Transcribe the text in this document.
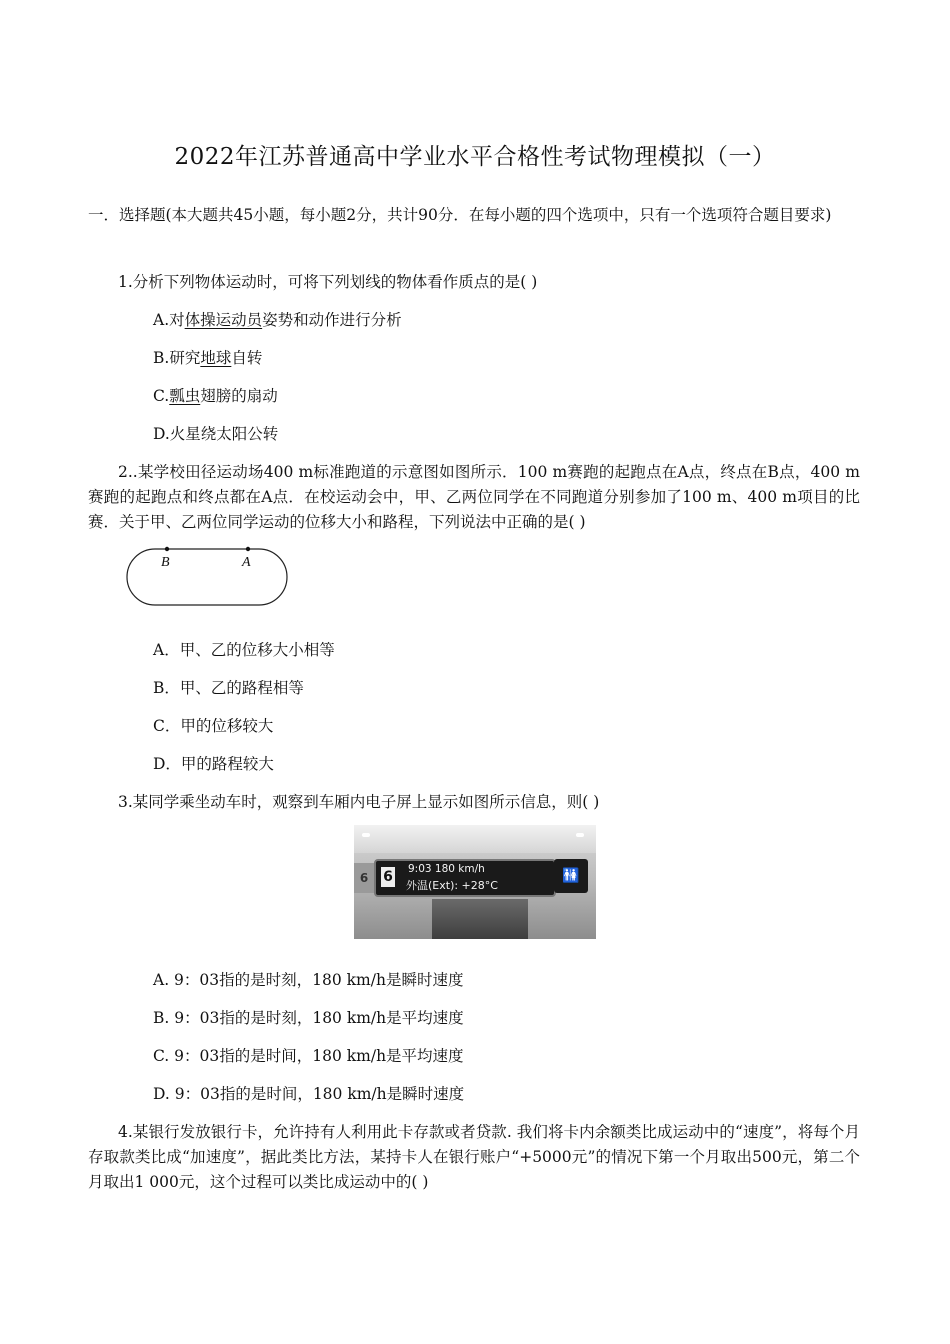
2022年江苏普通高中学业水平合格性考试物理模拟（一）
一．选择题(本大题共45小题，每小题2分，共计90分．在每小题的四个选项中，只有一个选项符合题目要求)
1.分析下列物体运动时，可将下列划线的物体看作质点的是( )
A.对体操运动员姿势和动作进行分析
B.研究地球自转
C.瓢虫翅膀的扇动
D.火星绕太阳公转
2..某学校田径运动场400 m标准跑道的示意图如图所示．100 m赛跑的起跑点在A点，终点在B点，400 m赛跑的起跑点和终点都在A点．在校运动会中，甲、乙两位同学在不同跑道分别参加了100 m、400 m项目的比赛．关于甲、乙两位同学运动的位移大小和路程，下列说法中正确的是( )
B	A
A．甲、乙的位移大小相等
B．甲、乙的路程相等
C．甲的位移较大
D．甲的路程较大
3.某同学乘坐动车时，观察到车厢内电子屏上显示如图所示信息，则( )
6	6 9:03 180 km/h
外温(Ext): +28°C
🚻
A. 9：03指的是时刻，180 km/h是瞬时速度
B. 9：03指的是时刻，180 km/h是平均速度
C. 9：03指的是时间，180 km/h是平均速度
D. 9：03指的是时间，180 km/h是瞬时速度
4.某银行发放银行卡，允许持有人利用此卡存款或者贷款. 我们将卡内余额类比成运动中的“速度”，将每个月存取款类比成“加速度”，据此类比方法，某持卡人在银行账户“+5000元”的情况下第一个月取出500元，第二个月取出1 000元，这个过程可以类比成运动中的( )
